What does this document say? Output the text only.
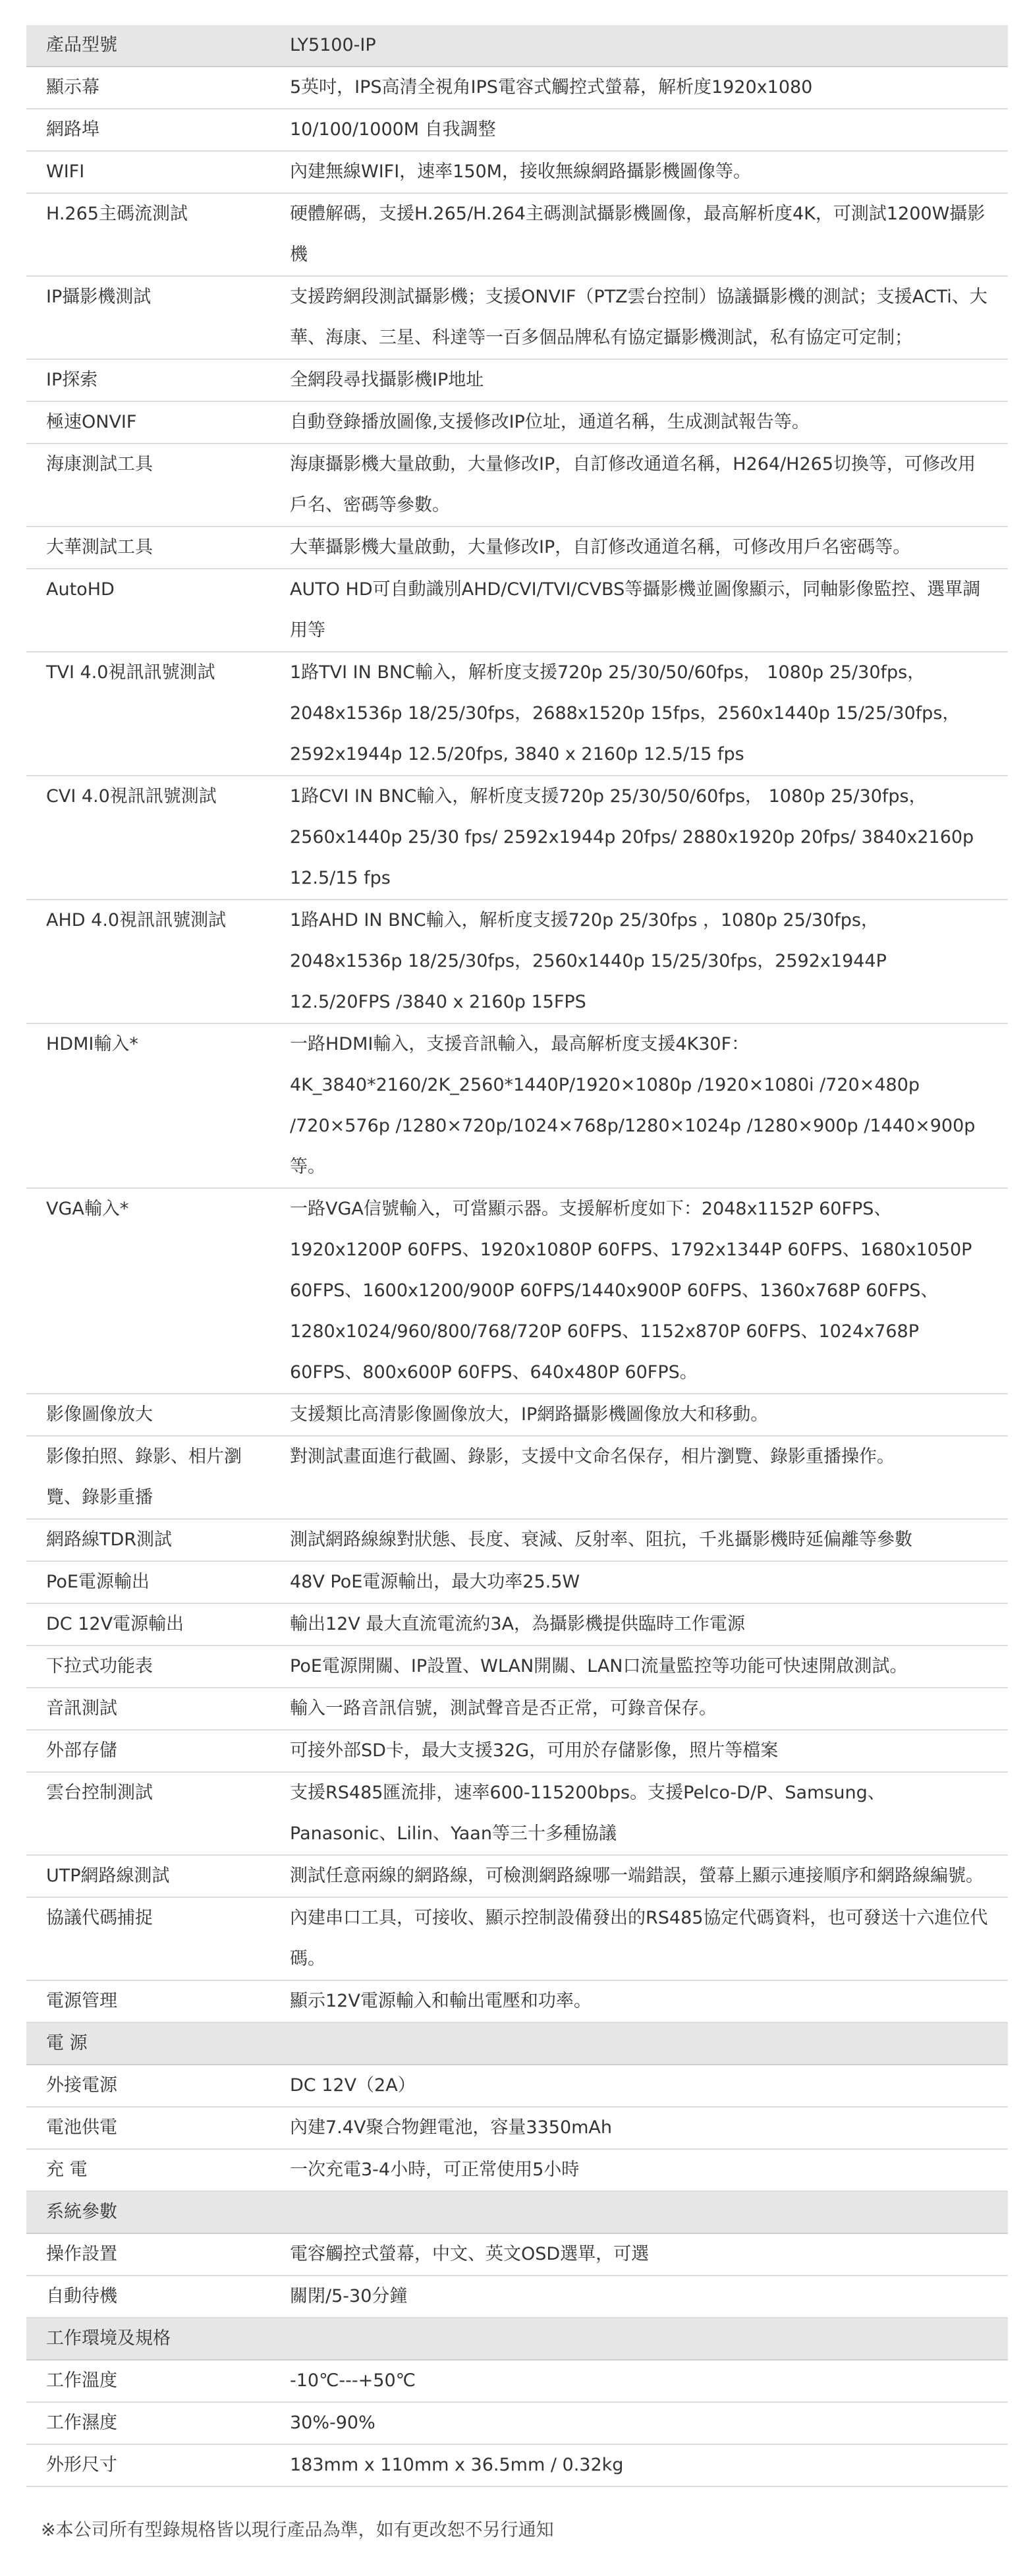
產品型號	LY5100-IP
顯示幕	5英吋，IPS高清全視角IPS電容式觸控式螢幕，解析度1920x1080
網路埠	10/100/1000M 自我調整
WIFI	內建無線WIFI，速率150M，接收無線網路攝影機圖像等。
H.265主碼流測試	硬體解碼，支援H.265/H.264主碼測試攝影機圖像，最高解析度4K，可測試1200W攝影機
IP攝影機測試	支援跨網段測試攝影機；支援ONVIF（PTZ雲台控制）協議攝影機的測試；支援ACTi、大華、海康、三星、科達等一百多個品牌私有協定攝影機測試，私有協定可定制；
IP探索	全網段尋找攝影機IP地址
極速ONVIF	自動登錄播放圖像,支援修改IP位址，通道名稱，生成測試報告等。
海康測試工具	海康攝影機大量啟動，大量修改IP，自訂修改通道名稱，H264/H265切換等，可修改用戶名、密碼等參數。
大華測試工具	大華攝影機大量啟動，大量修改IP，自訂修改通道名稱，可修改用戶名密碼等。
AutoHD	AUTO HD可自動識別AHD/CVI/TVI/CVBS等攝影機並圖像顯示，同軸影像監控、選單調用等
TVI 4.0視訊訊號測試	1路TVI IN BNC輸入，解析度支援720p 25/30/50/60fps， 1080p 25/30fps，2048x1536p 18/25/30fps，2688x1520p 15fps，2560x1440p 15/25/30fps，2592x1944p 12.5/20fps, 3840 x 2160p 12.5/15 fps
CVI 4.0視訊訊號測試	1路CVI IN BNC輸入，解析度支援720p 25/30/50/60fps， 1080p 25/30fps，2560x1440p 25/30 fps/ 2592x1944p 20fps/ 2880x1920p 20fps/ 3840x2160p 12.5/15 fps
AHD 4.0視訊訊號測試	1路AHD IN BNC輸入，解析度支援720p 25/30fps ，1080p 25/30fps，2048x1536p 18/25/30fps，2560x1440p 15/25/30fps，2592x1944P 12.5/20FPS /3840 x 2160p 15FPS
HDMI輸入*	一路HDMI輸入，支援音訊輸入，最高解析度支援4K30F：4K_3840*2160/2K_2560*1440P/1920×1080p /1920×1080i /720×480p /720×576p /1280×720p/1024×768p/1280×1024p /1280×900p /1440×900p等。
VGA輸入*	一路VGA信號輸入，可當顯示器。支援解析度如下：2048x1152P 60FPS、1920x1200P 60FPS、1920x1080P 60FPS、1792x1344P 60FPS、1680x1050P 60FPS、1600x1200/900P 60FPS/1440x900P 60FPS、1360x768P 60FPS、1280x1024/960/800/768/720P 60FPS、1152x870P 60FPS、1024x768P 60FPS、800x600P 60FPS、640x480P 60FPS。
影像圖像放大	支援類比高清影像圖像放大，IP網路攝影機圖像放大和移動。
影像拍照、錄影、相片瀏覽、錄影重播	對測試畫面進行截圖、錄影，支援中文命名保存，相片瀏覽、錄影重播操作。
網路線TDR測試	測試網路線線對狀態、長度、衰減、反射率、阻抗，千兆攝影機時延偏離等參數
PoE電源輸出	48V PoE電源輸出，最大功率25.5W
DC 12V電源輸出	輸出12V 最大直流電流約3A，為攝影機提供臨時工作電源
下拉式功能表	PoE電源開關、IP設置、WLAN開關、LAN口流量監控等功能可快速開啟測試。
音訊測試	輸入一路音訊信號，測試聲音是否正常，可錄音保存。
外部存儲	可接外部SD卡，最大支援32G，可用於存儲影像，照片等檔案
雲台控制測試	支援RS485匯流排，速率600-115200bps。支援Pelco-D/P、Samsung、Panasonic、Lilin、Yaan等三十多種協議
UTP網路線測試	測試任意兩線的網路線，可檢測網路線哪一端錯誤，螢幕上顯示連接順序和網路線編號。
協議代碼捕捉	內建串口工具，可接收、顯示控制設備發出的RS485協定代碼資料，也可發送十六進位代碼。
電源管理	顯示12V電源輸入和輸出電壓和功率。
電 源	
外接電源	DC 12V（2A）
電池供電	內建7.4V聚合物鋰電池，容量3350mAh
充 電	一次充電3-4小時，可正常使用5小時
系統參數	
操作設置	電容觸控式螢幕，中文、英文OSD選單，可選
自動待機	關閉/5-30分鐘
工作環境及規格	
工作溫度	-10℃---+50℃
工作濕度	30%-90%
外形尺寸	183mm x 110mm x 36.5mm / 0.32kg
※本公司所有型錄規格皆以現行產品為準，如有更改恕不另行通知
